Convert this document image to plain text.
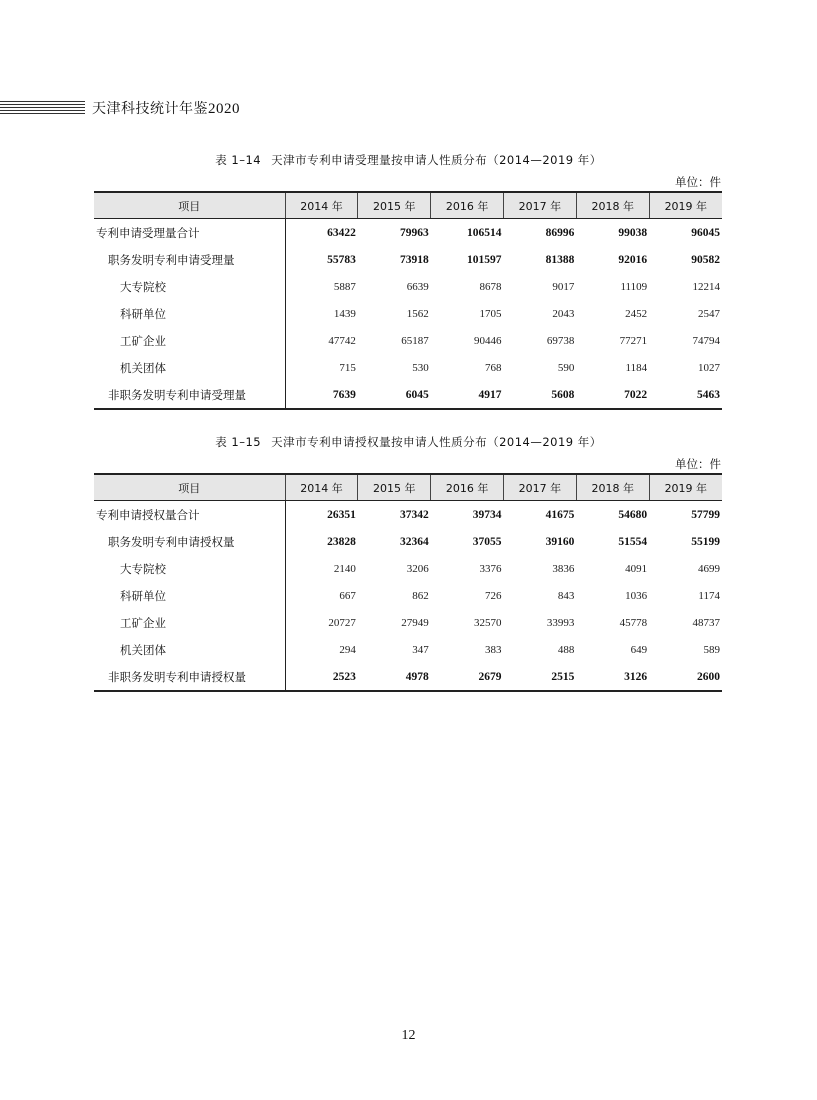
天津科技统计年鉴2020
表 1–14 天津市专利申请受理量按申请人性质分布（2014—2019 年）
单位：件
项目	2014 年	2015 年	2016 年	2017 年	2018 年	2019 年
专利申请受理量合计	63422	79963	106514	86996	99038	96045
职务发明专利申请受理量	55783	73918	101597	81388	92016	90582
大专院校	5887	6639	8678	9017	11109	12214
科研单位	1439	1562	1705	2043	2452	2547
工矿企业	47742	65187	90446	69738	77271	74794
机关团体	715	530	768	590	1184	1027
非职务发明专利申请受理量	7639	6045	4917	5608	7022	5463
表 1–15 天津市专利申请授权量按申请人性质分布（2014—2019 年）
单位：件
项目	2014 年	2015 年	2016 年	2017 年	2018 年	2019 年
专利申请授权量合计	26351	37342	39734	41675	54680	57799
职务发明专利申请授权量	23828	32364	37055	39160	51554	55199
大专院校	2140	3206	3376	3836	4091	4699
科研单位	667	862	726	843	1036	1174
工矿企业	20727	27949	32570	33993	45778	48737
机关团体	294	347	383	488	649	589
非职务发明专利申请授权量	2523	4978	2679	2515	3126	2600
12
